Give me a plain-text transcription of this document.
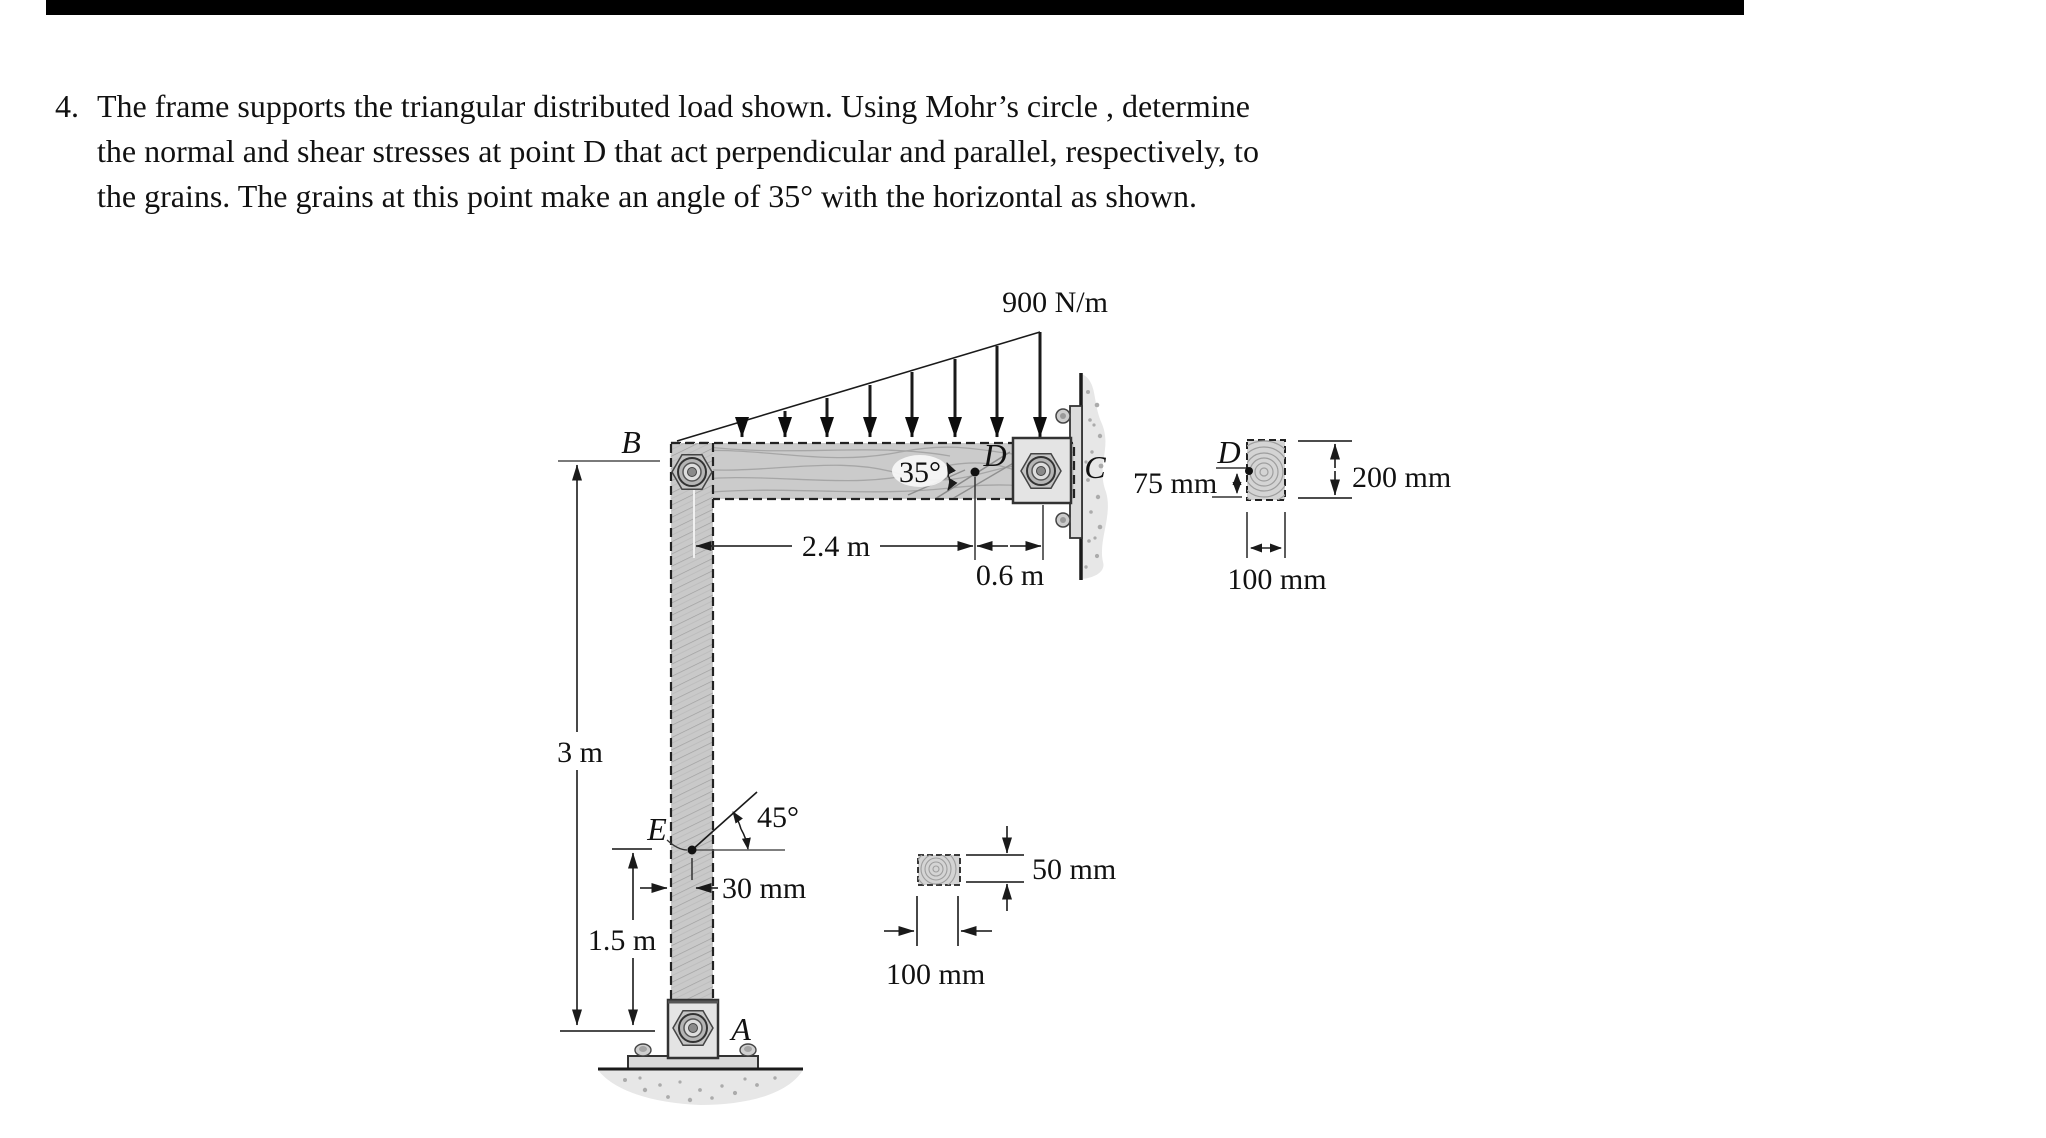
4. The frame supports the triangular distributed load shown. Using Mohr’s circle , determine
the normal and shear stresses at point D that act perpendicular and parallel, respectively, to
the grains. The grains at this point make an angle of 35° with the horizontal as shown.
900 N/m
C
B
A
3 m
1.5 m
2.4 m
0.6 m
35° D
45°
E
30 mm
75 mm
D
200 mm
100 mm
50 mm
100 mm
